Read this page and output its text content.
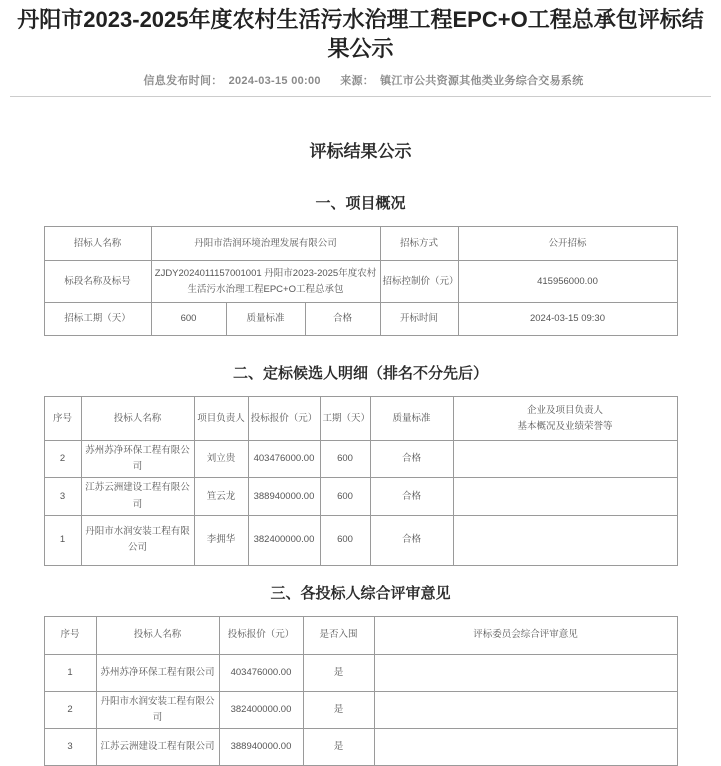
丹阳市2023-2025年度农村生活污水治理工程EPC+O工程总承包评标结果公示
信息发布时间： 2024-03-15 00:00 来源： 镇江市公共资源其他类业务综合交易系统
评标结果公示
一、项目概况
招标人名称	丹阳市浩润环境治理发展有限公司			招标方式	公开招标
标段名称及标号	ZJDY2024011157001001 丹阳市2023-2025年度农村生活污水治理工程EPC+O工程总承包			招标控制价（元）	415956000.00
招标工期（天）	600	质量标准	合格	开标时间	2024-03-15 09:30
二、定标候选人明细（排名不分先后）
序号	投标人名称	项目负责人	投标报价（元）	工期（天）	质量标准	企业及项目负责人
基本概况及业绩荣誉等

2	苏州苏净环保工程有限公司	刘立贵	403476000.00	600	合格	
3	江苏云洲建设工程有限公司	笪云龙	388940000.00	600	合格	
1	丹阳市水润安装工程有限公司	李拥华	382400000.00	600	合格	
三、各投标人综合评审意见
序号	投标人名称	投标报价（元）	是否入围	评标委员会综合评审意见
1	苏州苏净环保工程有限公司	403476000.00	是	
2	丹阳市水润安装工程有限公司	382400000.00	是	
3	江苏云洲建设工程有限公司	388940000.00	是	
